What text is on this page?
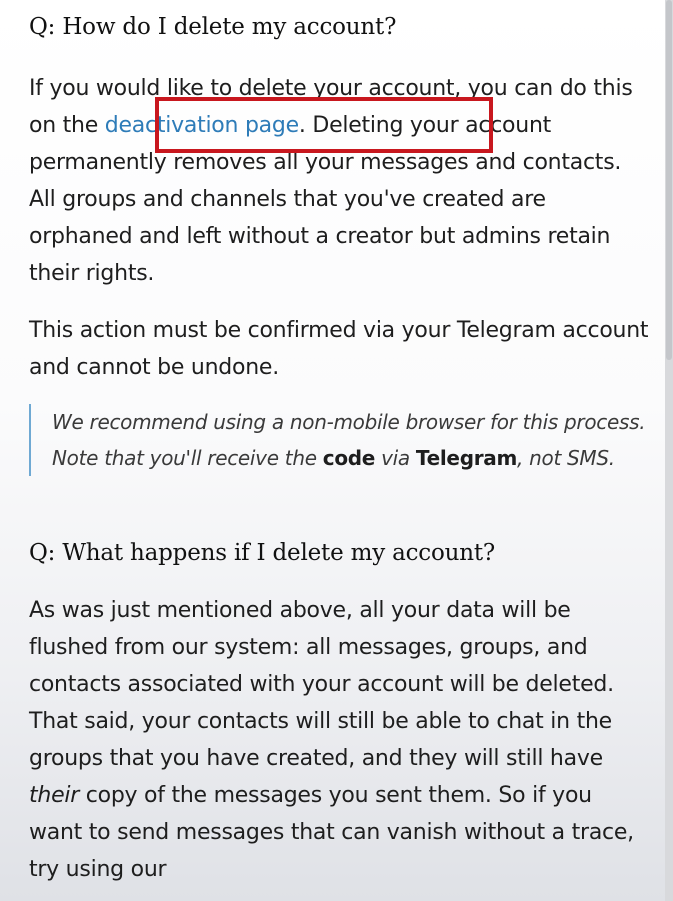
Q: How do I delete my account?

If you would like to delete your account, you can do this on the deactivation page. Deleting your account permanently removes all your messages and contacts. All groups and channels that you've created are orphaned and left without a creator but admins retain their rights.

This action must be confirmed via your Telegram account and cannot be undone.

We recommend using a non-mobile browser for this process.
Note that you'll receive the code via Telegram, not SMS.
Q: What happens if I delete my account?

As was just mentioned above, all your data will be flushed from our system: all messages, groups, and contacts associated with your account will be deleted. That said, your contacts will still be able to chat in the groups that you have created, and they will still have their copy of the messages you sent them. So if you want to send messages that can vanish without a trace, try using our
